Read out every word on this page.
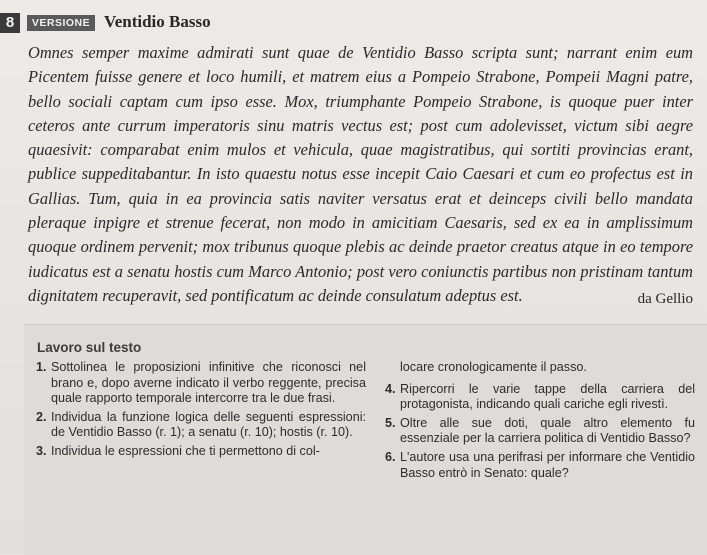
8	VERSIONE Ventidio Basso
Omnes semper maxime admirati sunt quae de Ventidio Basso scripta sunt; narrant enim eum Picentem fuisse genere et loco humili, et matrem eius a Pompeio Strabone, Pompeii Magni patre, bello sociali captam cum ipso esse. Mox, triumphante Pompeio Strabone, is quoque puer inter ceteros ante currum imperatoris sinu matris vectus est; post cum adolevisset, victum sibi aegre quaesivit: comparabat enim mulos et vehicula, quae magistratibus, qui sortiti provincias erant, publice suppeditabantur. In isto quaestu notus esse incepit Caio Caesari et cum eo profectus est in Gallias. Tum, quia in ea provincia satis naviter versatus erat et deinceps civili bello mandata pleraque inpigre et strenue fecerat, non modo in amicitiam Caesaris, sed ex ea in amplissimum quoque ordinem pervenit; mox tribunus quoque plebis ac deinde praetor creatus atque in eo tempore iudicatus est a senatu hostis cum Marco Antonio; post vero coniunctis partibus non pristinam tantum dignitatem recuperavit, sed pontificatum ac deinde consulatum adeptus est.	da Gellio
Lavoro sul testo
1. Sottolinea le proposizioni infinitive che riconosci nel brano e, dopo averne indicato il verbo reggente, precisa quale rapporto temporale intercorre tra le due frasi.
2. Individua la funzione logica delle seguenti espressioni: de Ventidio Basso (r. 1); a senatu (r. 10); hostis (r. 10).
3. Individua le espressioni che ti permettono di col-
locare cronologicamente il passo.
4. Ripercorri le varie tappe della carriera del protagonista, indicando quali cariche egli rivestì.
5. Oltre alle sue doti, quale altro elemento fu essenziale per la carriera politica di Ventidio Basso?
6. L'autore usa una perifrasi per informare che Ventidio Basso entrò in Senato: quale?
